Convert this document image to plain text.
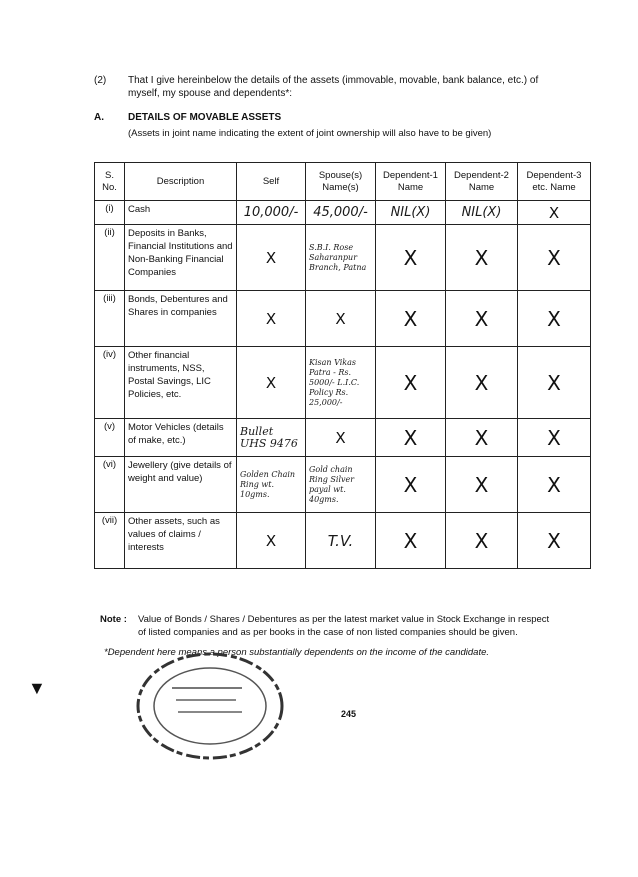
(2) That I give hereinbelow the details of the assets (immovable, movable, bank balance, etc.) of
myself, my spouse and dependents*:
A. DETAILS OF MOVABLE ASSETS
(Assets in joint name indicating the extent of joint ownership will also have to be given)
S. No.	Description	Self	Spouse(s) Name(s)	Dependent-1 Name	Dependent-2 Name	Dependent-3 etc. Name
(i)	Cash	10,000/-	45,000/-	NIL(X)	NIL(X)	X
(ii)	Deposits in Banks, Financial Institutions and Non-Banking Financial Companies	X	S.B.I. Rose Saharanpur Branch, Patna	X	X	X
(iii)	Bonds, Debentures and Shares in companies	X	X	X	X	X
(iv)	Other financial instruments, NSS, Postal Savings, LIC Policies, etc.	X	Kisan Vikas Patra - Rs. 5000/- L.I.C. Policy Rs. 25,000/-	X	X	X
(v)	Motor Vehicles (details of make, etc.)	Bullet UHS 9476	X	X	X	X
(vi)	Jewellery (give details of weight and value)	Golden Chain Ring wt. 10gms.	Gold chain Ring Silver payal wt. 40gms.	X	X	X
(vii)	Other assets, such as values of claims / interests	X	T.V.	X	X	X
Note : Value of Bonds / Shares / Debentures as per the latest market value in Stock Exchange in respect
of listed companies and as per books in the case of non listed companies should be given.
*Dependent here means a person substantially dependents on the income of the candidate.
245
▼
